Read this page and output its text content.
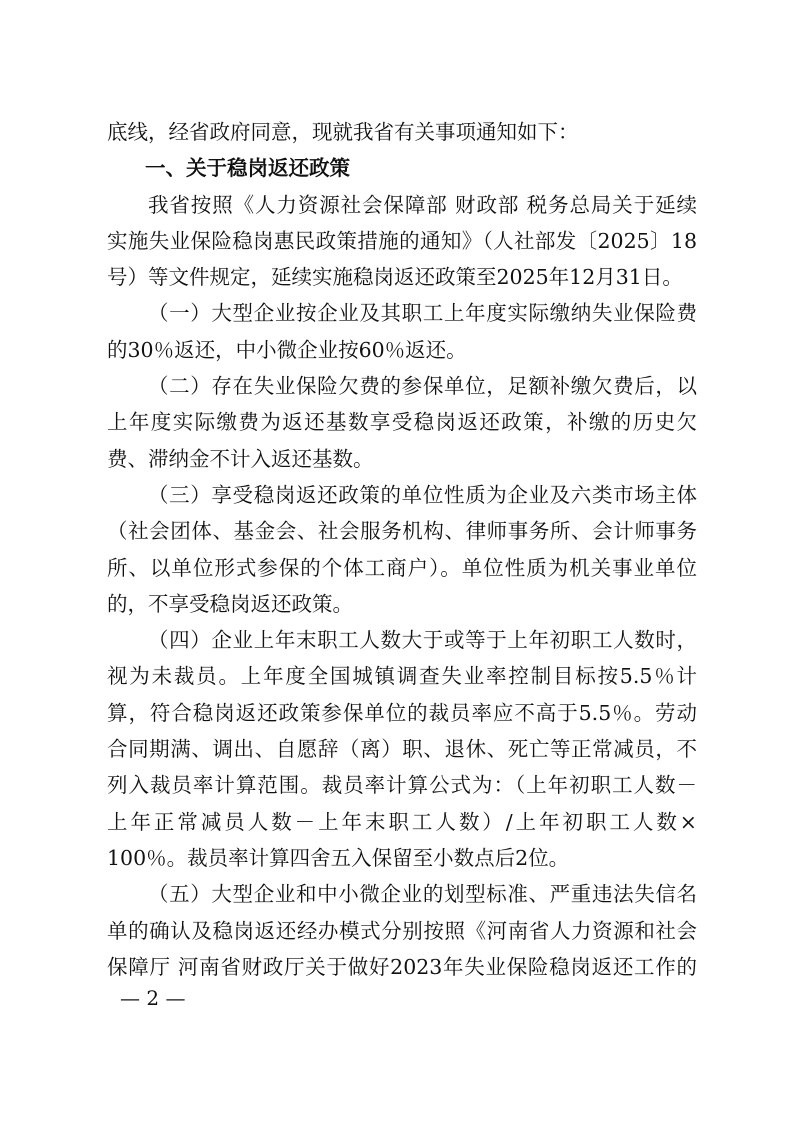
底线，经省政府同意，现就我省有关事项通知如下：

一、关于稳岗返还政策

我省按照《人力资源社会保障部 财政部 税务总局关于延续

实施失业保险稳岗惠民政策措施的通知》（人社部发〔2025〕18

号）等文件规定，延续实施稳岗返还政策至2025年12月31日。

（一）大型企业按企业及其职工上年度实际缴纳失业保险费

的30％返还，中小微企业按60％返还。

（二）存在失业保险欠费的参保单位，足额补缴欠费后，以

上年度实际缴费为返还基数享受稳岗返还政策，补缴的历史欠

费、滞纳金不计入返还基数。

（三）享受稳岗返还政策的单位性质为企业及六类市场主体

（社会团体、基金会、社会服务机构、律师事务所、会计师事务

所、以单位形式参保的个体工商户）。单位性质为机关事业单位

的，不享受稳岗返还政策。

（四）企业上年末职工人数大于或等于上年初职工人数时，

视为未裁员。上年度全国城镇调查失业率控制目标按5.5％计

算，符合稳岗返还政策参保单位的裁员率应不高于5.5％。劳动

合同期满、调出、自愿辞（离）职、退休、死亡等正常减员，不

列入裁员率计算范围。裁员率计算公式为：（上年初职工人数－

上年正常减员人数－上年末职工人数）/上年初职工人数×

100％。裁员率计算四舍五入保留至小数点后2位。

（五）大型企业和中小微企业的划型标准、严重违法失信名

单的确认及稳岗返还经办模式分别按照《河南省人力资源和社会

保障厅 河南省财政厅关于做好2023年失业保险稳岗返还工作的

— 2 —
